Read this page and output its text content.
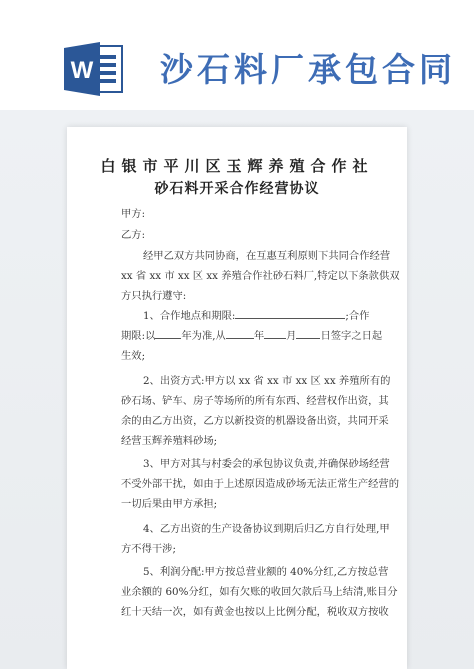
W 沙石料厂承包合同
白银市平川区玉辉养殖合作社
砂石料开采合作经营协议
甲方:
乙方:
经甲乙双方共同协商，在互惠互利原则下共同合作经营
xx 省 xx 市 xx 区 xx 养殖合作社砂石料厂,特定以下条款供双
方只执行遵守:
1、合作地点和期限:	;合作
期限:以	年为准,从	年 月 日签字之日起
生效;
2、出资方式:甲方以 xx 省 xx 市 xx 区 xx 养殖所有的
砂石场、铲车、房子等场所的所有东西、经营权作出资，其
余的由乙方出资，乙方以新投资的机器设备出资，共同开采
经营玉辉养殖料砂场;
3、甲方对其与村委会的承包协议负责,并确保砂场经营
不受外部干扰，如由于上述原因造成砂场无法正常生产经营的
一切后果由甲方承担;
4、乙方出资的生产设备协议到期后归乙方自行处理,甲
方不得干涉;
5、利润分配:甲方按总营业额的 40%分红,乙方按总营
业余额的 60%分红，如有欠账的收回欠款后马上结清,账目分
红十天结一次，如有黄金也按以上比例分配，税收双方按收
